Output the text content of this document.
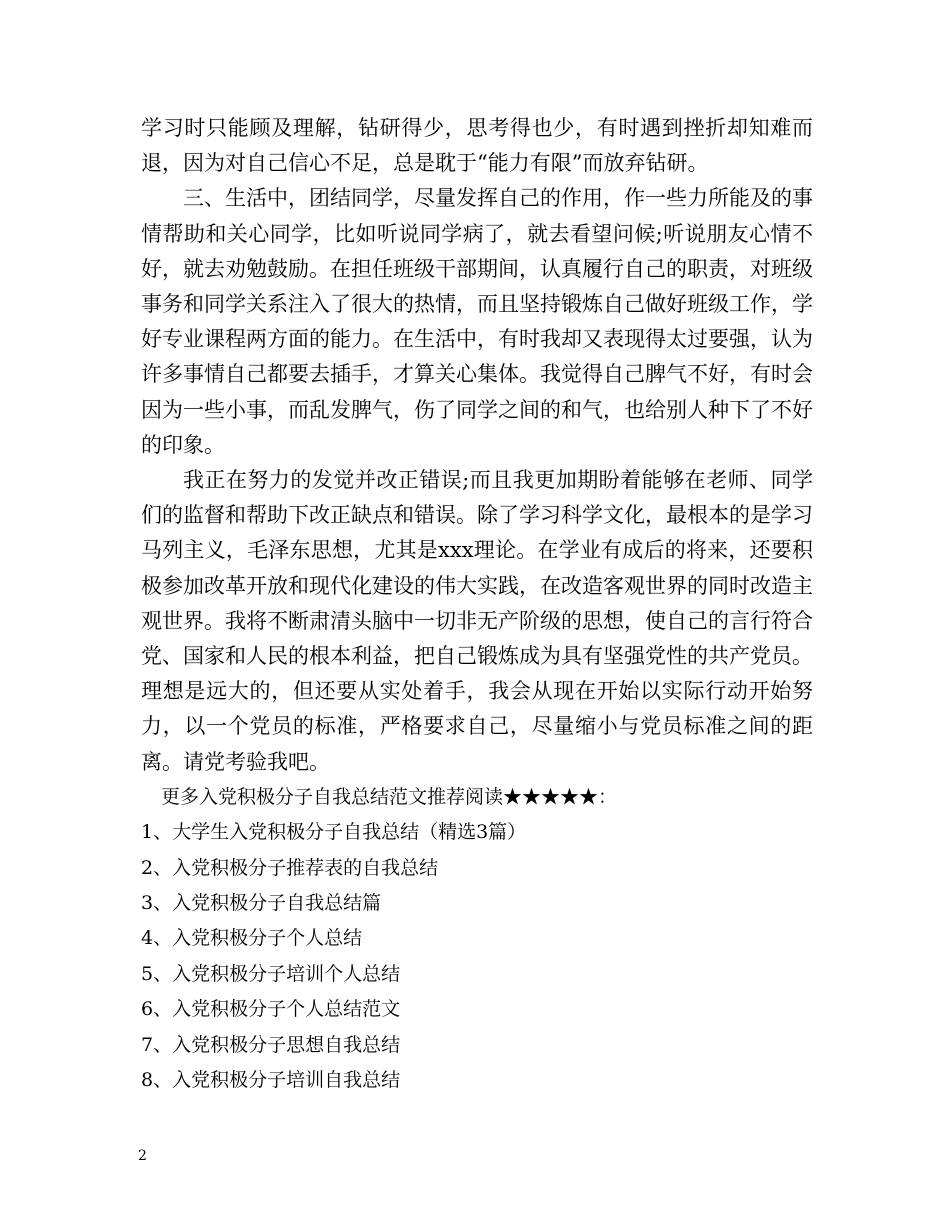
学习时只能顾及理解，钻研得少，思考得也少，有时遇到挫折却知难而退，因为对自己信心不足，总是耽于“能力有限”而放弃钻研。

三、生活中，团结同学，尽量发挥自己的作用，作一些力所能及的事情帮助和关心同学，比如听说同学病了，就去看望问候;听说朋友心情不好，就去劝勉鼓励。在担任班级干部期间，认真履行自己的职责，对班级事务和同学关系注入了很大的热情，而且坚持锻炼自己做好班级工作，学好专业课程两方面的能力。在生活中，有时我却又表现得太过要强，认为许多事情自己都要去插手，才算关心集体。我觉得自己脾气不好，有时会因为一些小事，而乱发脾气，伤了同学之间的和气，也给别人种下了不好的印象。

我正在努力的发觉并改正错误;而且我更加期盼着能够在老师、同学们的监督和帮助下改正缺点和错误。除了学习科学文化，最根本的是学习马列主义，毛泽东思想，尤其是xxx理论。在学业有成后的将来，还要积极参加改革开放和现代化建设的伟大实践，在改造客观世界的同时改造主观世界。我将不断肃清头脑中一切非无产阶级的思想，使自己的言行符合党、国家和人民的根本利益，把自己锻炼成为具有坚强党性的共产党员。理想是远大的，但还要从实处着手，我会从现在开始以实际行动开始努力，以一个党员的标准，严格要求自己，尽量缩小与党员标准之间的距离。请党考验我吧。

更多入党积极分子自我总结范文推荐阅读★★★★★：

1、大学生入党积极分子自我总结（精选3篇）
2、入党积极分子推荐表的自我总结
3、入党积极分子自我总结篇
4、入党积极分子个人总结
5、入党积极分子培训个人总结
6、入党积极分子个人总结范文
7、入党积极分子思想自我总结
8、入党积极分子培训自我总结
2
